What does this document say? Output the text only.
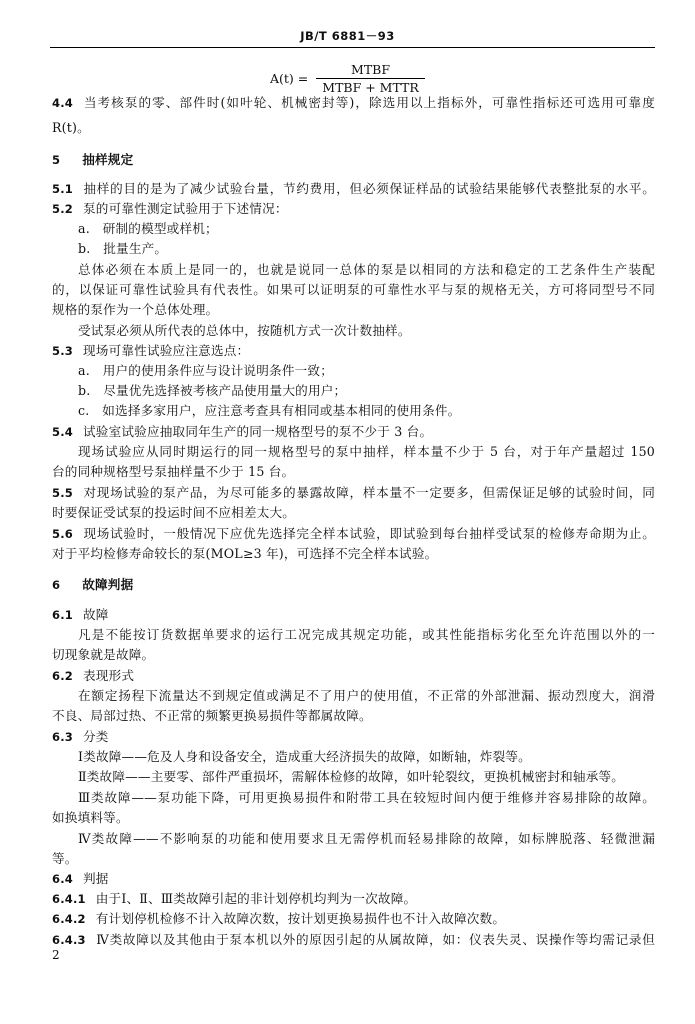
JB/T 6881－93
$A(t) = \frac{\text{MTBF}}{\text{MTBF + MTTR}}$
4.4 当考核泵的零、部件时(如叶轮、机械密封等)，除选用以上指标外，可靠性指标还可选用可靠度
R(t)。
5 抽样规定
5.1 抽样的目的是为了减少试验台量，节约费用，但必须保证样品的试验结果能够代表整批泵的水平。
5.2 泵的可靠性测定试验用于下述情况：
a.　研制的模型或样机；
b.　批量生产。
总体必须在本质上是同一的，也就是说同一总体的泵是以相同的方法和稳定的工艺条件生产装配
的，以保证可靠性试验具有代表性。如果可以证明泵的可靠性水平与泵的规格无关，方可将同型号不同
规格的泵作为一个总体处理。
受试泵必须从所代表的总体中，按随机方式一次计数抽样。
5.3 现场可靠性试验应注意选点：
a.　用户的使用条件应与设计说明条件一致；
b.　尽量优先选择被考核产品使用量大的用户；
c.　如选择多家用户，应注意考查具有相同或基本相同的使用条件。
5.4 试验室试验应抽取同年生产的同一规格型号的泵不少于 3 台。
现场试验应从同时期运行的同一规格型号的泵中抽样，样本量不少于 5 台，对于年产量超过 150
台的同种规格型号泵抽样量不少于 15 台。
5.5 对现场试验的泵产品，为尽可能多的暴露故障，样本量不一定要多，但需保证足够的试验时间，同
时要保证受试泵的投运时间不应相差太大。
5.6 现场试验时，一般情况下应优先选择完全样本试验，即试验到每台抽样受试泵的检修寿命期为止。
对于平均检修寿命较长的泵(MOL≥3 年)，可选择不完全样本试验。
6 故障判据
6.1 故障
凡是不能按订货数据单要求的运行工况完成其规定功能，或其性能指标劣化至允许范围以外的一
切现象就是故障。
6.2 表现形式
在额定扬程下流量达不到规定值或满足不了用户的使用值，不正常的外部泄漏、振动烈度大，润滑
不良、局部过热、不正常的频繁更换易损件等都属故障。
6.3 分类
Ⅰ类故障——危及人身和设备安全，造成重大经济损失的故障，如断轴，炸裂等。
Ⅱ类故障——主要零、部件严重损坏，需解体检修的故障，如叶轮裂纹，更换机械密封和轴承等。
Ⅲ类故障——泵功能下降，可用更换易损件和附带工具在较短时间内便于维修并容易排除的故障。
如换填料等。
Ⅳ类故障——不影响泵的功能和使用要求且无需停机而轻易排除的故障，如标牌脱落、轻微泄漏
等。
6.4 判据
6.4.1 由于Ⅰ、Ⅱ、Ⅲ类故障引起的非计划停机均判为一次故障。
6.4.2 有计划停机检修不计入故障次数，按计划更换易损件也不计入故障次数。
6.4.3 Ⅳ类故障以及其他由于泵本机以外的原因引起的从属故障，如：仪表失灵、误操作等均需记录但
2
